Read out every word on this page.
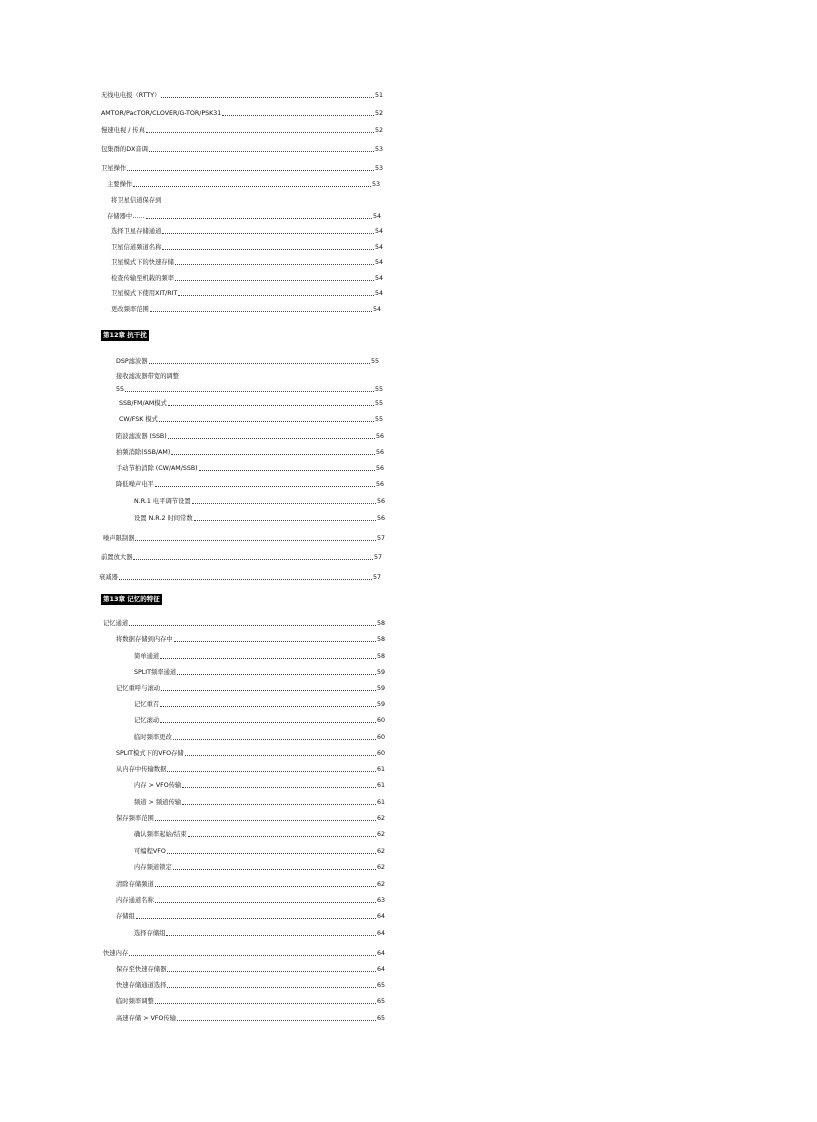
无线电电报（RTTY）	51
AMTOR/PacTOR/CLOVER/G-TOR/PSK31	52
慢速电视 / 传真	52
包集群的DX音调	53
卫星操作	53
主要操作	53
将卫星信道保存到
存储器中……	54
选择卫星存储通道	54
卫星信道频道名称	54
卫星模式下的快速存储	54
检查传输至机载的频率	54
卫星模式下使用XIT/RIT	54
更改频率范围	54
第12章 抗干扰
DSP滤波器	55
接收滤波器带宽的调整
55	55
SSB/FM/AM模式	55
CW/FSK 模式	55
陷波滤波器 (SSB)	56
拍频消除(SSB/AM)	56
手动节拍消除 (CW/AM/SSB)	56
降低噪声电平	56
N.R.1 电平调节设置	56
设置 N.R.2 时间常数	56
噪声限制器	57
前置放大器	57
衰减器	57
第13章 记忆的特征
记忆通道	58
将数据存储到内存中	58
简单通道	58
SPLIT频率通道	59
记忆重呼与滚动	59
记忆重召	59
记忆滚动	60
临时频率更改	60
SPLIT模式下的VFO存储	60
从内存中传输数据	61
内存 > VFO传输	61
频道 > 频道传输	61
保存频率范围	62
确认频率起始/结束	62
可编程VFO	62
内存频道锁定	62
清除存储频道	62
内存通道名称	63
存储组	64
选择存储组	64
快速内存	64
保存至快速存储器	64
快速存储通道选择	65
临时频率调整	65
高速存储 > VFO传输	65
